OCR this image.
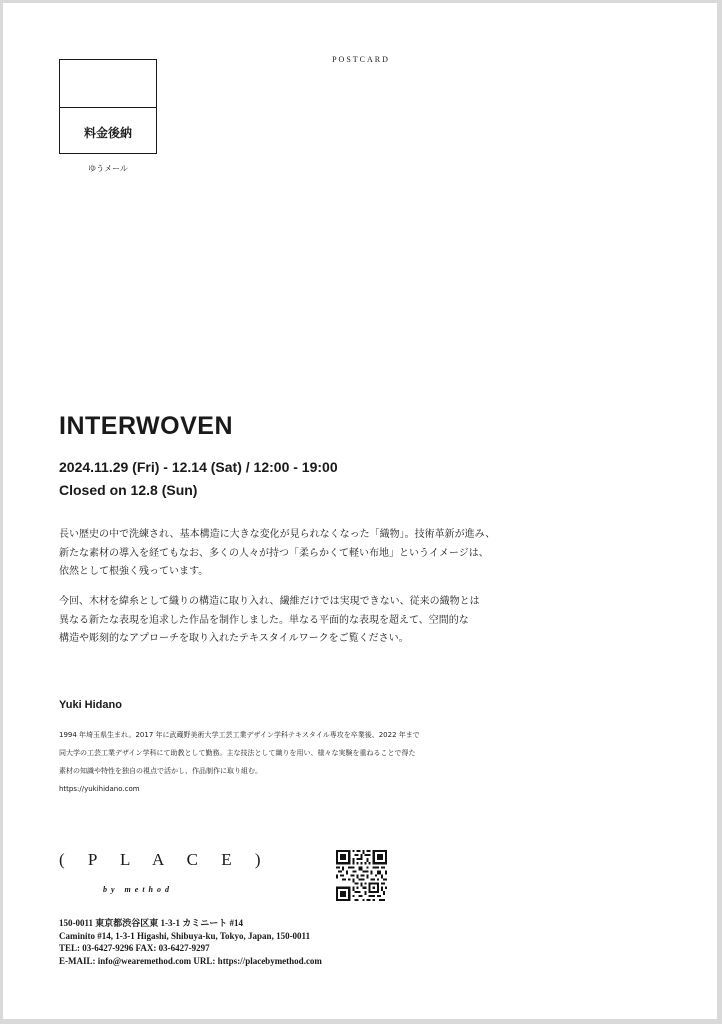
POSTCARD
料金後納
ゆうメール
INTERWOVEN
2024.11.29 (Fri) - 12.14 (Sat) / 12:00 - 19:00
Closed on 12.8 (Sun)

長い歴史の中で洗練され、基本構造に大きな変化が見られなくなった「織物」。技術革新が進み、

新たな素材の導入を経てもなお、多くの人々が持つ「柔らかくて軽い布地」というイメージは、

依然として根強く残っています。

今回、木材を緯糸として織りの構造に取り入れ、繊維だけでは実現できない、従来の織物とは

異なる新たな表現を追求した作品を制作しました。単なる平面的な表現を超えて、空間的な

構造や彫刻的なアプローチを取り入れたテキスタイルワークをご覧ください。

Yuki Hidano

1994 年埼玉県生まれ。2017 年に武蔵野美術大学工芸工業デザイン学科テキスタイル専攻を卒業後、2022 年まで

同大学の工芸工業デザイン学科にて助教として勤務。主な技法として織りを用い、様々な実験を重ねることで得た

素材の知識や特性を独自の視点で活かし、作品制作に取り組む。

https://yukihidano.com

( P L A C E )
by method

150-0011 東京都渋谷区東 1-3-1 カミニート #14

Caminito #14, 1-3-1 Higashi, Shibuya-ku, Tokyo, Japan, 150-0011

TEL: 03-6427-9296 FAX: 03-6427-9297

E-MAIL: info@wearemethod.com URL: https://placebymethod.com
